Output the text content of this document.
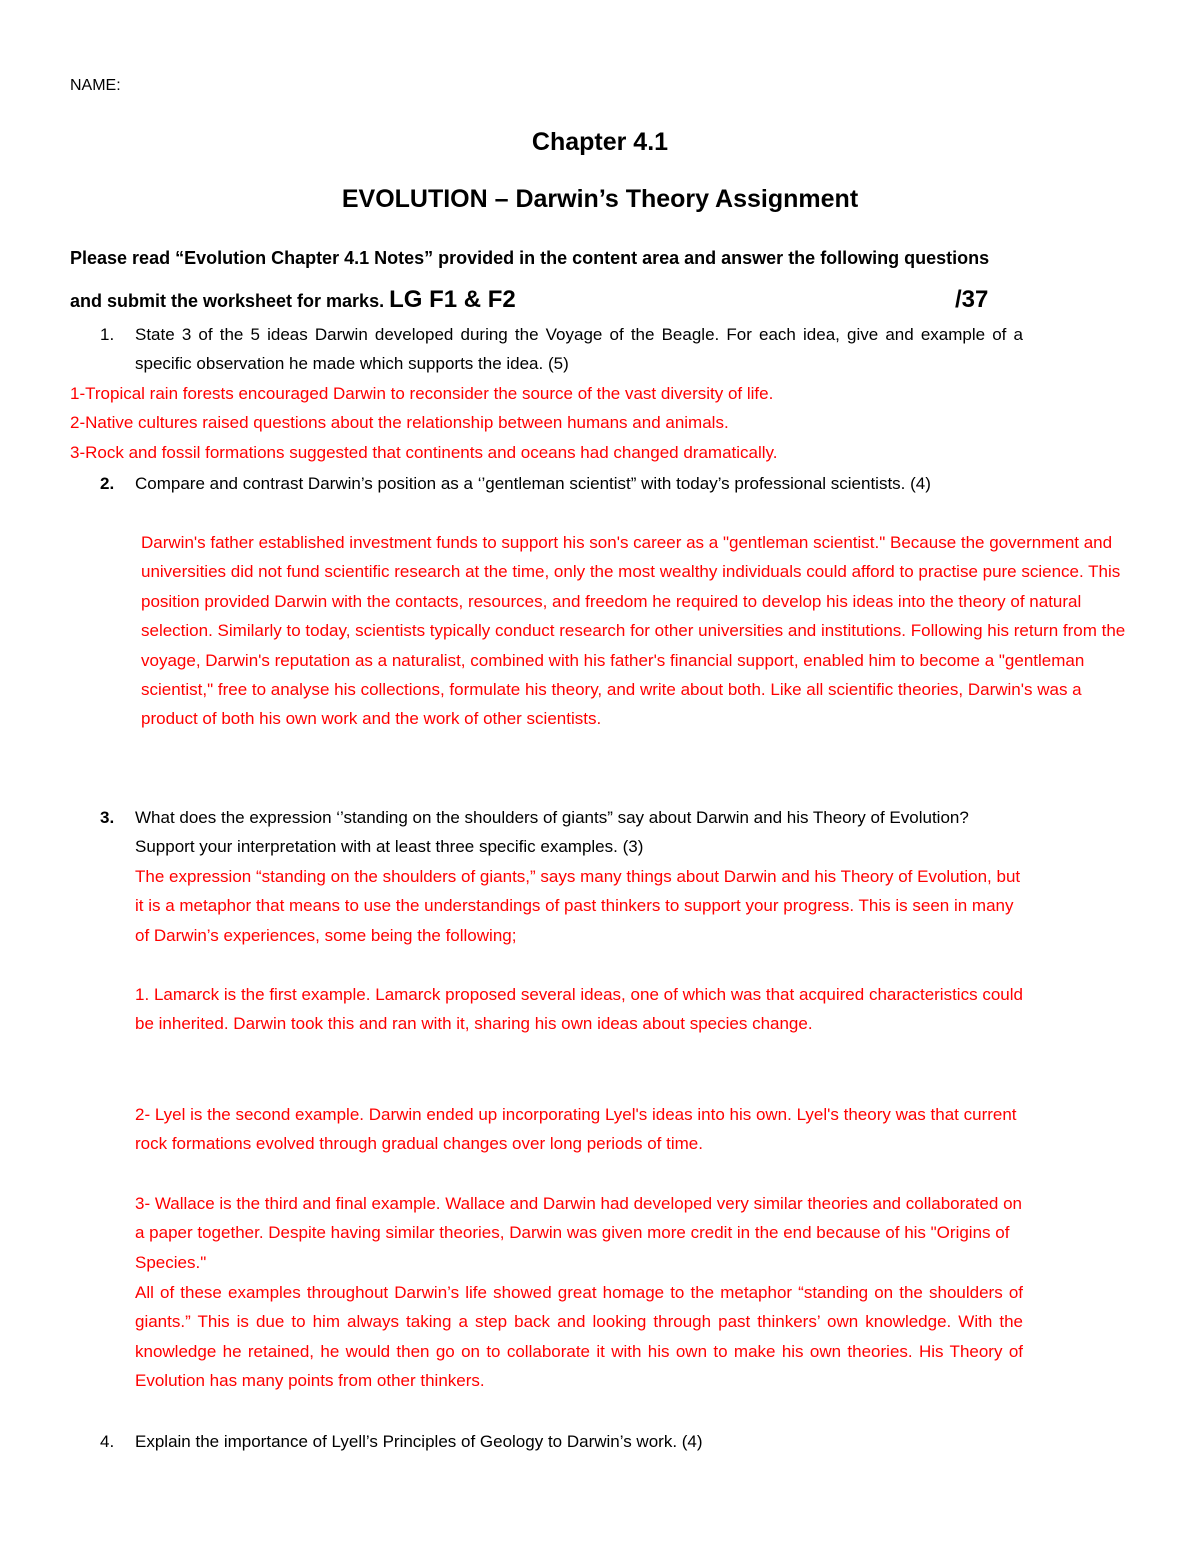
NAME:
Chapter 4.1
EVOLUTION – Darwin’s Theory Assignment
Please read “Evolution Chapter 4.1 Notes” provided in the content area and answer the following questions
and submit the worksheet for marks. LG F1 & F2	/37
1. State 3 of the 5 ideas Darwin developed during the Voyage of the Beagle. For each idea, give and example of a specific observation he made which supports the idea. (5)
1-Tropical rain forests encouraged Darwin to reconsider the source of the vast diversity of life.
2-Native cultures raised questions about the relationship between humans and animals.
3-Rock and fossil formations suggested that continents and oceans had changed dramatically.
2. Compare and contrast Darwin’s position as a ‘’gentleman scientist” with today’s professional scientists. (4)
Darwin's father established investment funds to support his son's career as a "gentleman scientist." Because the government and universities did not fund scientific research at the time, only the most wealthy individuals could afford to practise pure science. This position provided Darwin with the contacts, resources, and freedom he required to develop his ideas into the theory of natural selection. Similarly to today, scientists typically conduct research for other universities and institutions. Following his return from the voyage, Darwin's reputation as a naturalist, combined with his father's financial support, enabled him to become a "gentleman scientist," free to analyse his collections, formulate his theory, and write about both. Like all scientific theories, Darwin's was a product of both his own work and the work of other scientists.
3. What does the expression ‘’standing on the shoulders of giants” say about Darwin and his Theory of Evolution? Support your interpretation with at least three specific examples. (3)
The expression “standing on the shoulders of giants,” says many things about Darwin and his Theory of Evolution, but it is a metaphor that means to use the understandings of past thinkers to support your progress. This is seen in many of Darwin’s experiences, some being the following;
1. Lamarck is the first example. Lamarck proposed several ideas, one of which was that acquired characteristics could be inherited. Darwin took this and ran with it, sharing his own ideas about species change.
2- Lyel is the second example. Darwin ended up incorporating Lyel's ideas into his own. Lyel's theory was that current rock formations evolved through gradual changes over long periods of time.
3- Wallace is the third and final example. Wallace and Darwin had developed very similar theories and collaborated on a paper together. Despite having similar theories, Darwin was given more credit in the end because of his "Origins of Species."
All of these examples throughout Darwin’s life showed great homage to the metaphor “standing on the shoulders of giants.” This is due to him always taking a step back and looking through past thinkers’ own knowledge. With the knowledge he retained, he would then go on to collaborate it with his own to make his own theories. His Theory of Evolution has many points from other thinkers.
4. Explain the importance of Lyell’s Principles of Geology to Darwin’s work. (4)
